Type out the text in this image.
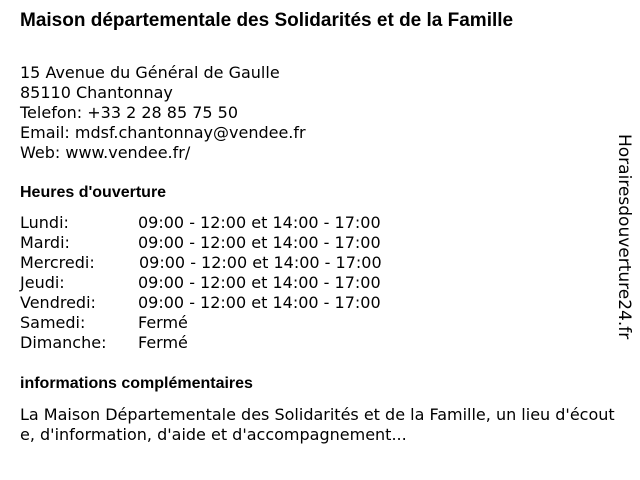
Maison départementale des Solidarités et de la Famille
15 Avenue du Général de Gaulle
85110 Chantonnay
Telefon: +33 2 28 85 75 50
Email: mdsf.chantonnay@vendee.fr
Web: www.vendee.fr/
Heures d'ouverture
Lundi:	09:00 - 12:00 et 14:00 - 17:00
Mardi:	09:00 - 12:00 et 14:00 - 17:00
Mercredi:	09:00 - 12:00 et 14:00 - 17:00
Jeudi:	09:00 - 12:00 et 14:00 - 17:00
Vendredi:	09:00 - 12:00 et 14:00 - 17:00
Samedi:	Fermé
Dimanche: Fermé
informations complémentaires
La Maison Départementale des Solidarités et de la Famille, un lieu d'écoute, d'information, d'aide et d'accompagnement...
Horairesdouverture24.fr
